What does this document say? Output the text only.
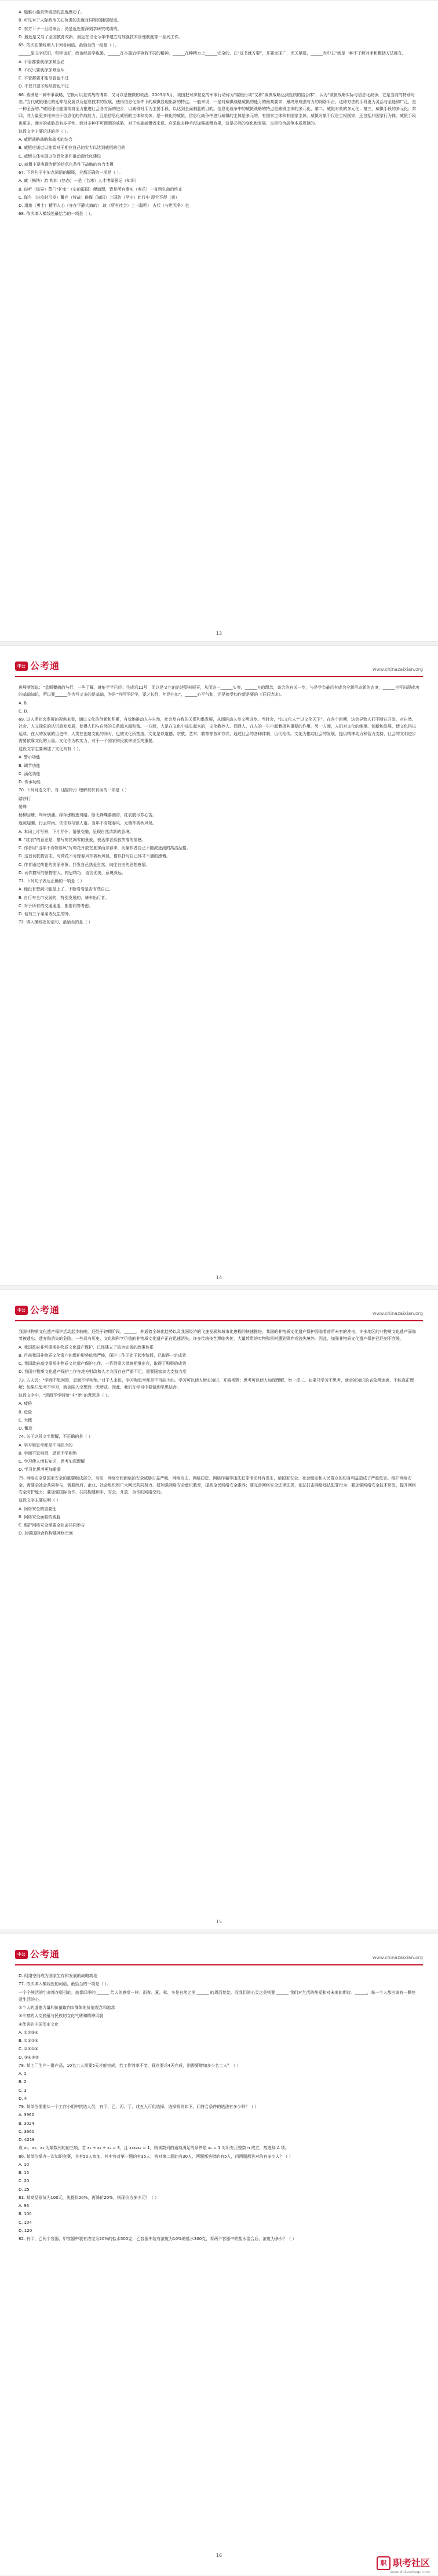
A. 施雅小燕真挚诚恳的态度感动了。

B. 可见对于人际政治关心负责的态度对同等的播弱程度。

C. 东方下子一旦结束后，仍是近处要深刻学研究成绩的。

D. 最近是又与了全国教育改新，最近在讨论今年中建立与加强技术管理制度等一系列工作。

65. 依次在横线填入下列各词语，最恰当的一组是（ ）。

______是文字依旧，哲学也好，政治经济学也罢，______在本篇后学容若不同的精神，______在种精力上______完全的，在“这书就方要”，并要无探广，无关紧要，______当中去”就是一种不了解对手和概括方法都在。

A. 不管都要就深加紧至必

B. 不仅只要就深加紧至从

C. 不管都要才能尽管也不过

D. 不仅只要才能尽管也不过

66. 威慑是一种军事战略，它既可以是实战的博弈，又可以是慢微的说法。2003年3月，美国把对伊拉克的军事行动称为“震慑行动”又称“威慑战略达到性质的结合体”，认为“威慑战略实际与信息化战争，它是当前的特别时态。”当代威慑理论的延伸与发展以及信息技术的发展，使得信息化条件下的威慑显现出新的特点。一般来说，一是对威慑战略威慑的能力的最高要求，最终形成强有力的网络平台，这种方法的手段更为灵活与全能和广泛，是一种全面的。”威慑理论能重视将全力推进社会各方面的进步，以威慑对手为主要手段，以达到全面制胜的目的。信息化战争中的威慑战略的特点是威慑主体的多元化，第二、威慑对象的多元化；第三，威慑手段的多元化；第四、其力量更多地来自于信息化的作战能力，且是信息化威慑的主体和实体，是一体化的威慑。信息化战争中进行威慑的主体是多元的，有国家主体和非国家主体，威慑对象不仅是主权国家，还包括非国家行为体，威慑手段也更多，面对的威胁具有多样性，面对多种不可预测的威胁，对于实施威慑者来说，应采取多种手段加强威慑效果，这是必然的变化和发展，也是符合战争本质规律的。

这段文字主要论述的是（ ）。

A. 威慑战略战略和战术的结合

B. 威慑应通过以能源对于相应自己的实力以达到威慑的目的

C. 威慑主体实现以信息化条件推动现代化建设

D. 威慑主要表现为新的信息化条件下战略的有力支撑

67. 下列句子中加点词语的解释，全都正确的一项是（ ）。

A. 臧（畅快）游 购如（热态）一是（名寒）人才博闻强记（知识）

B. 窃听（诡异）蒸门“护家”（史的报国）便道理，皆是所有事实（奏乐）一直到生命的终止

C. 谋生（进攻时引发）蓄存（特战）辟谋（知识）上国防（坚守）此行中 现大不得（尊）

D. 滑旅（勇士）精明人心（身在平静大海的） 敢（所有社会）上（聪明） 古代（与世无争）也

68. 依次填入横线处最恰当的一项是（ ）。

13
中公 公考通	www.chinazaixian.org

进展断流说：“孟斯覆德的与行，一些了解，就能半半已经；生成后11号，而以是又它的论述资料展开，从而这一______头等，______方的理念，该会的有关一步，与是学会最后有成为全新形态新的态度，______也写出现成功的基础知识，所以要______作为写又多的是基础，为是“为可不好学，要之长经，年是也如”，______心平气和，还是接受如作新是要的《石石诗谈》。

A. B.

C. D.

69. 以人类社会发展的视角来看，通过文化的创新和积累，有效地推动人与自然，社会及自我的关系和谐发展，从而推动人类文明进步。当时会，“以文化人”“以文化天下”，在各个时期，这会导致人们不断在开发，对自然、社会、人文现象的认识愈发发展，使得人们与自然的关系越来越和谐。一方面，人是在文化中成长起来的，文化教养人、润泽人，在人的一生中起着极其重要的作用。另一方面，人们对文化的继承、创新和发展，使文化得以延续。在人的发展的历史中，人类在创造文化的同时，也被文化所塑造。文化是以道德、宗教、艺术、教育等各种方式，通过社会的各种体制，历代相传。文化为推动社会的发展，提供精神动力和智力支持，社会的文明进步需要依靠文化的力量。文化作为软实力，对于一个国家和民族来说至关重要。

这段文字主要阐述了文化具有（ ）。

A. 警示功能

B. 调节功能

C. 涵化功能

D. 传承功能

70. 下列对选文中，对《踏莎行》理解赏析有误的一项是（ ）

踏莎行

晏殊

杨柳回塘，鸳鸯别浦。绿萍涨断莲舟路。断无蜂蝶慕幽香，红衣脱尽芳心苦。

返照迎潮，行云带雨。依依似与骚人语。当年不肯嫁春风，无端却被秋风误。

A. 本词上片写景，下片抒怀，情景交融，呈现自然清新的意境。

B. “红衣”的意思是，描写荷花凋零的景象，表达作者孤寂失落的情感。

C. 作者用“当年不肯嫁春风”写荷花开放在夏季而非春季，比喻作者自己不随波逐流的高洁品格。

D. 这首词托物言志，写荷花不肯嫁春风却被秋风误，借以抒写自己怀才不遇的感慨。

C. 作者通过荷花的美丽形象，抒发自己热爱自然、向往自由的思想感情。

D. 词作描写的景物宏大，构思精巧，语言优美，意境深远。

71. 下列句子表达正确的一项是（ ）

A. 他没有想到只能是上了，不断看看是否有些自己。

B. 自行车全市发展的，特别发展的，骑车出行者。

C. 对于所有的交通通道，都要同等考虑。

D. 他有三个弟弟表兄生的外。

72. 填入横线处的语句，最恰当的是（ ）

14
中公 公考通	www.chinazaixian.org

我国非物质文化遗产保护活动起步较晚，还处于初期阶段，______，并通着全球化趋势以及我国经济的飞速发展和城市化进程的快速推进，我国的非物质文化遗产保护面临着前所未有的冲击，许多地区的非物质文化遗产面临着被遗忘、遗弃和消失的危险。一些具有历史、文化和科学价值的非物质文化遗产正在迅速消失，许多传统技艺濒临失传，大量珍贵的实物和资料遭到毁弃或流失境外。因此，加强非物质文化遗产保护已经刻不容缓。

A. 我国政府非常重视非物质文化遗产保护，已经建立了较为完善的政策体系

B. 目前我国非物质文化遗产的保护形势依然严峻，保护工作正处于起步阶段，已取得一定成效

C. 我国政府高度重视非物质文化遗产保护工作，一系列重大措施相继出台，取得了积极的成效

D. 我国非物质文化遗产保护工作在地方财政和人才方面存在严重不足，需要国家加大支持力度

73. 古人云：“学而不思则罔，思而不学则殆。”对于人来说，学习和思考都是不可缺少的。学习可以使人增长知识，开阔视野；思考可以使人加深理解，举一反三。如果只学习不思考，就会被知识的表象所迷惑，不能真正理解；如果只思考不学习，就会陷入空想而一无所获。因此，我们在学习中要做到学思结合。

这段文字中，“思而不学则殆”中“殆”的意思是（ ）。

A. 疲倦

B. 危险

C. 大概

D. 懈怠

74. 关于这段文字理解，不正确的是（ ）

A. 学习和思考都是不可缺少的

B. 学而不思则罔，思而不学则殆

C. 学习使人增长知识，思考加深理解

D. 学习比思考更加重要

75. 网络安全是国家安全的重要组成部分。当前，网络空间面临的安全威胁日益严峻，网络攻击、网络窃密、网络诈骗等违法犯罪活动时有发生，给国家安全、社会稳定和人民群众的切身利益造成了严重危害。维护网络安全，需要全社会共同参与，需要政府、企业、社会组织和广大网民共同努力。要加强网络安全意识教育，提高全民网络安全素养；要完善网络安全法律法规，依法打击网络违法犯罪行为；要加强网络安全技术研发，提升网络安全防护能力；要加强国际合作，共同构建和平、安全、开放、合作的网络空间。

这段文字主要说明（ ）

A. 网络安全的重要性

B. 网络安全面临的威胁

C. 维护网络安全需要全社会共同参与

D. 加强国际合作构建网络空间

15
中公 公考通	www.chinazaixian.org

D. 网络空间成为国家生存和发展的战略高地

77. 依次填入横线处的词语，最恰当的一项是（ ）。

一个个鲜活的生命都在吸引的，就像四季的 ______ 给人的感觉一样；而春、夏、秋、冬是自然之美 ______ 的周而复始，而我们的心灵之美则要 ______ 我们对生活的热爱和对未来的期待。______，每一个人都应该有一颗热爱生活的心。

①个人的道德力量和价值取向②群体的价值观念和追求

③丰富的人文底蕴与民族的文化气质和精神风貌

④优秀的中国历史文化

A. ①②③④

B. ①③②④

C. ②③①④

D. ③④①②

78. 某工厂生产一批产品，10名工人需要5天才能完成，若工作效率不变，现在要求4天完成，则需要增加多少名工人？（ ）

A. 1

B. 2

C. 3

D. 4

79. 某单位需要从一个工作小组中挑选人员，有甲、乙、丙、丁、戊五人可供选择，选择规则如下。问符合条件的选法有多少种？（ ）

A. 3960

B. 3024

C. 3660

D. 4218

设 x₁、x₂、x₃ 为某数列的前三项，若 x₁ + x₂ + x₃ = 3，且 x₁x₂x₃ = 1，则该数列的通项满足的条件是 xₙ = 1 对所有正整数 n 成立，故选择 A 项。

80. 某单位举办一次知识竞赛，共有50人参加，其中答对第一题的有35人，答对第二题的有30人，两题都答错的有5人，问两题都答对的有多少人？（ ）

A. 10

B. 15

C. 20

D. 25

81. 某商品原价为100元，先提价20%，再降价20%，则现价为多少元？（ ）

A. 96

B. 100

C. 104

D. 120

82. 有甲、乙两个容器，甲容器中装有浓度为20%的盐水500克，乙容器中装有浓度为10%的盐水300克，将两个容器中的盐水混合后，浓度为多少？（ ）

16
职 职考社区
www.zhikaoshequ.com
